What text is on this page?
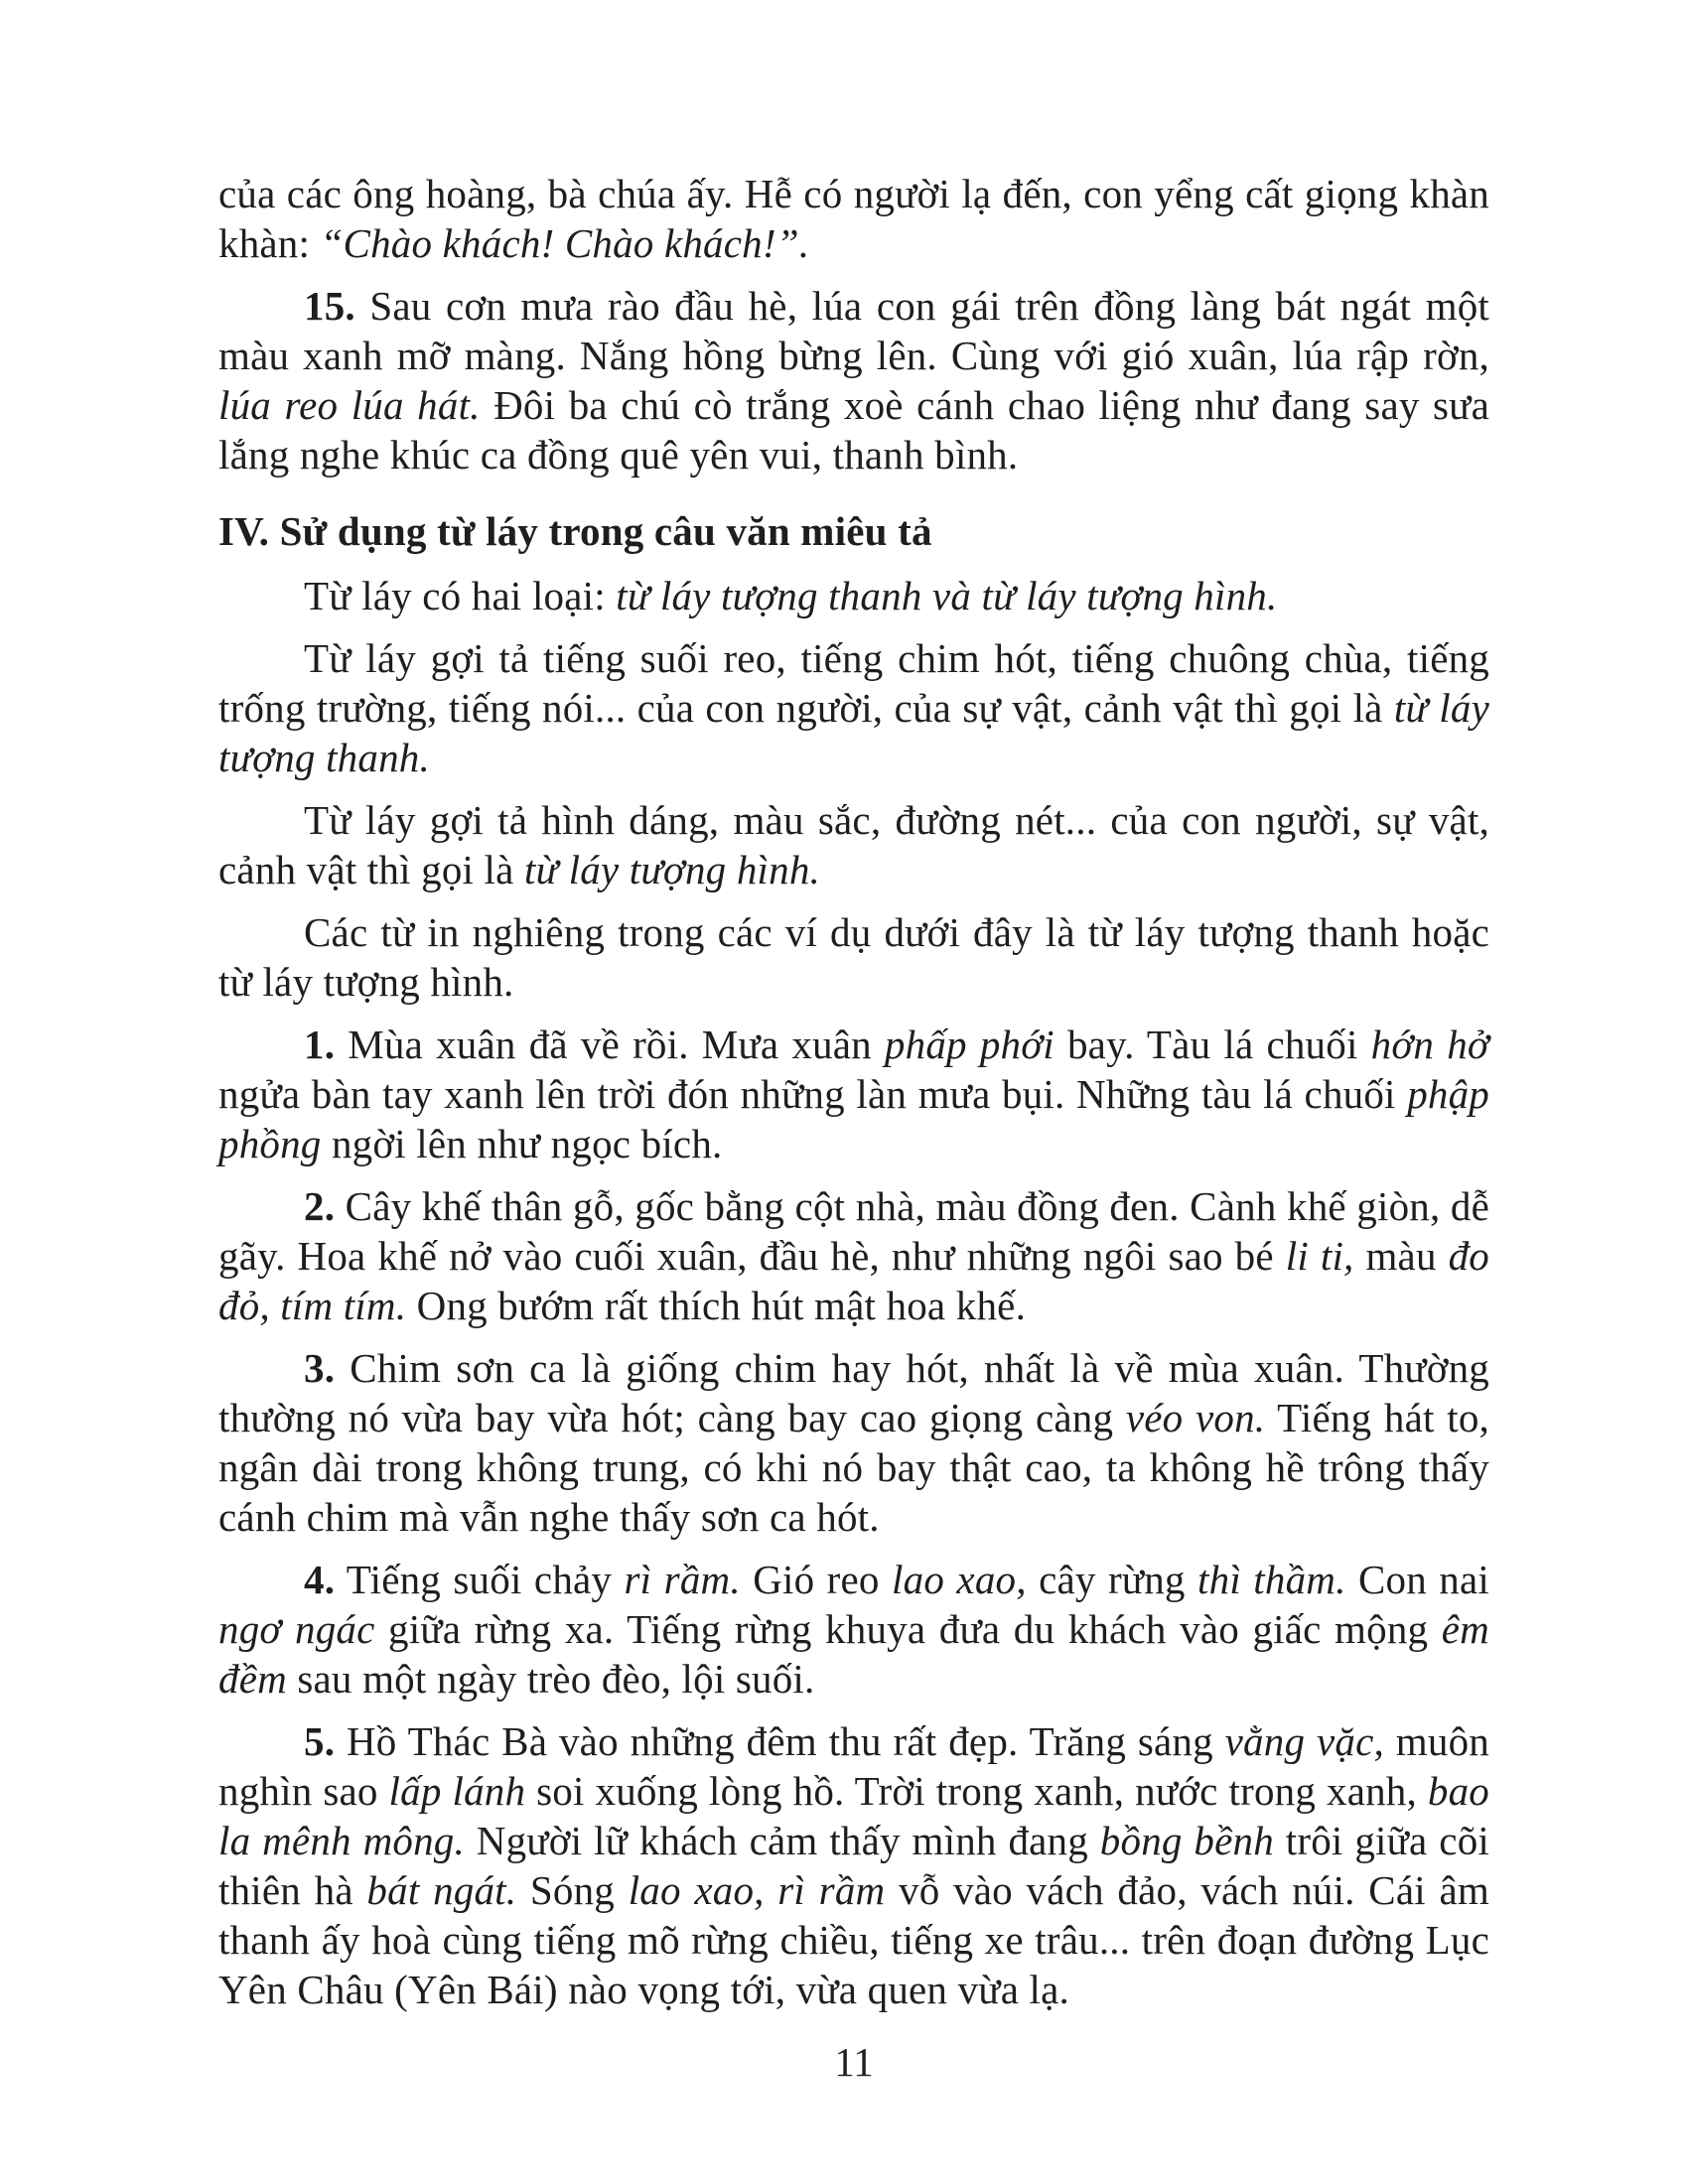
của các ông hoàng, bà chúa ấy. Hễ có người lạ đến, con yểng cất giọng khàn khàn: “Chào khách! Chào khách!”.

15. Sau cơn mưa rào đầu hè, lúa con gái trên đồng làng bát ngát một màu xanh mỡ màng. Nắng hồng bừng lên. Cùng với gió xuân, lúa rập rờn, lúa reo lúa hát. Đôi ba chú cò trắng xoè cánh chao liệng như đang say sưa lắng nghe khúc ca đồng quê yên vui, thanh bình.

IV. Sử dụng từ láy trong câu văn miêu tả

Từ láy có hai loại: từ láy tượng thanh và từ láy tượng hình.

Từ láy gợi tả tiếng suối reo, tiếng chim hót, tiếng chuông chùa, tiếng trống trường, tiếng nói... của con người, của sự vật, cảnh vật thì gọi là từ láy tượng thanh.

Từ láy gợi tả hình dáng, màu sắc, đường nét... của con người, sự vật, cảnh vật thì gọi là từ láy tượng hình.

Các từ in nghiêng trong các ví dụ dưới đây là từ láy tượng thanh hoặc từ láy tượng hình.

1. Mùa xuân đã về rồi. Mưa xuân phấp phới bay. Tàu lá chuối hớn hở ngửa bàn tay xanh lên trời đón những làn mưa bụi. Những tàu lá chuối phập phồng ngời lên như ngọc bích.

2. Cây khế thân gỗ, gốc bằng cột nhà, màu đồng đen. Cành khế giòn, dễ gãy. Hoa khế nở vào cuối xuân, đầu hè, như những ngôi sao bé li ti, màu đo đỏ, tím tím. Ong bướm rất thích hút mật hoa khế.

3. Chim sơn ca là giống chim hay hót, nhất là về mùa xuân. Thường thường nó vừa bay vừa hót; càng bay cao giọng càng véo von. Tiếng hát to, ngân dài trong không trung, có khi nó bay thật cao, ta không hề trông thấy cánh chim mà vẫn nghe thấy sơn ca hót.

4. Tiếng suối chảy rì rầm. Gió reo lao xao, cây rừng thì thầm. Con nai ngơ ngác giữa rừng xa. Tiếng rừng khuya đưa du khách vào giấc mộng êm đềm sau một ngày trèo đèo, lội suối.

5. Hồ Thác Bà vào những đêm thu rất đẹp. Trăng sáng vằng vặc, muôn nghìn sao lấp lánh soi xuống lòng hồ. Trời trong xanh, nước trong xanh, bao la mênh mông. Người lữ khách cảm thấy mình đang bồng bềnh trôi giữa cõi thiên hà bát ngát. Sóng lao xao, rì rầm vỗ vào vách đảo, vách núi. Cái âm thanh ấy hoà cùng tiếng mõ rừng chiều, tiếng xe trâu... trên đoạn đường Lục Yên Châu (Yên Bái) nào vọng tới, vừa quen vừa lạ.

11
